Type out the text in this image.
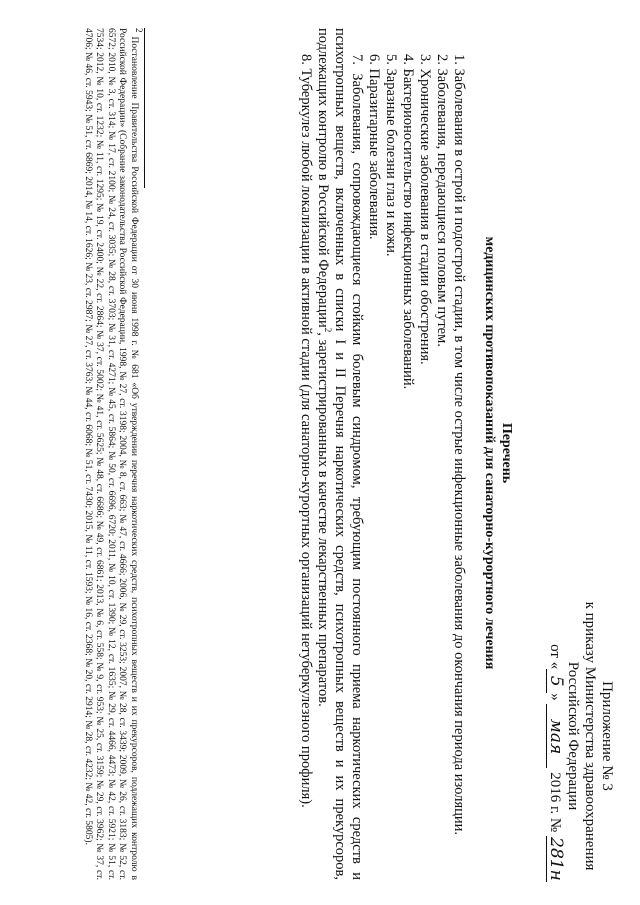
Приложение № 3
к приказу Министерства здравоохранения
Российской Федерации
от «5» мая 2016 г. № 281н
Перечень
медицинских противопоказаний для санаторно-курортного лечения
1. Заболевания в острой и подострой стадии, в том числе острые инфекционные заболевания до окончания периода изоляции.
2. Заболевания, передающиеся половым путем.
3. Хронические заболевания в стадии обострения.
4. Бактерионосительство инфекционных заболеваний.
5. Заразные болезни глаз и кожи.
6. Паразитарные заболевания.
7. Заболевания, сопровождающиеся стойким болевым синдромом, требующим постоянного приема наркотических средств и психотропных веществ, включенных в списки I и II Перечня наркотических средств, психотропных веществ и их прекурсоров, подлежащих контролю в Российской Федерации$^2$, зарегистрированных в качестве лекарственных препаратов.
8. Туберкулез любой локализации в активной стадии (для санаторно-курортных организаций нетуберкулезного профиля).
2 Постановление Правительства Российской Федерации от 30 июня 1998 г. № 681 «Об утверждении перечня наркотических средств, психотропных веществ и их прекурсоров, подлежащих контролю в Российской Федерации» (Собрание законодательства Российской Федерации, 1998, № 27, ст. 3198; 2004, № 8, ст. 663; № 47, ст. 4666; 2006, № 29, ст. 3253; 2007, № 28, ст. 3439; 2009, № 26, ст. 3183; № 52, ст. 6572; 2010, № 3, ст. 314; № 17, ст. 2100; № 24, ст. 3035; № 28, ст. 3703; № 31, ст. 4271; № 45, ст. 5864; № 50, ст. 6696, 6720; 2011, № 10, ст. 1390; № 12, ст. 1635; № 29, ст. 4466, 4473; № 42, ст. 5921; № 51, ст. 7534; 2012, № 10, ст. 1232; № 11, ст. 1295; № 19, ст. 2400; № 22, ст. 2864; № 37, ст. 5002; № 41, ст. 5625; № 48, ст. 6686; № 49, ст. 6861; 2013, № 6, ст. 558; № 9, ст. 953; № 25, ст. 3159; № 29, ст. 3962; № 37, ст. 4706; № 46, ст. 5943; № 51, ст. 6869; 2014, № 14, ст. 1626; № 23, ст. 2987; № 27, ст. 3763; № 44, ст. 6068; № 51, ст. 7430; 2015, № 11, ст. 1593; № 16, ст. 2368; № 20, ст. 2914; № 28, ст. 4232; № 42, ст. 5805).
